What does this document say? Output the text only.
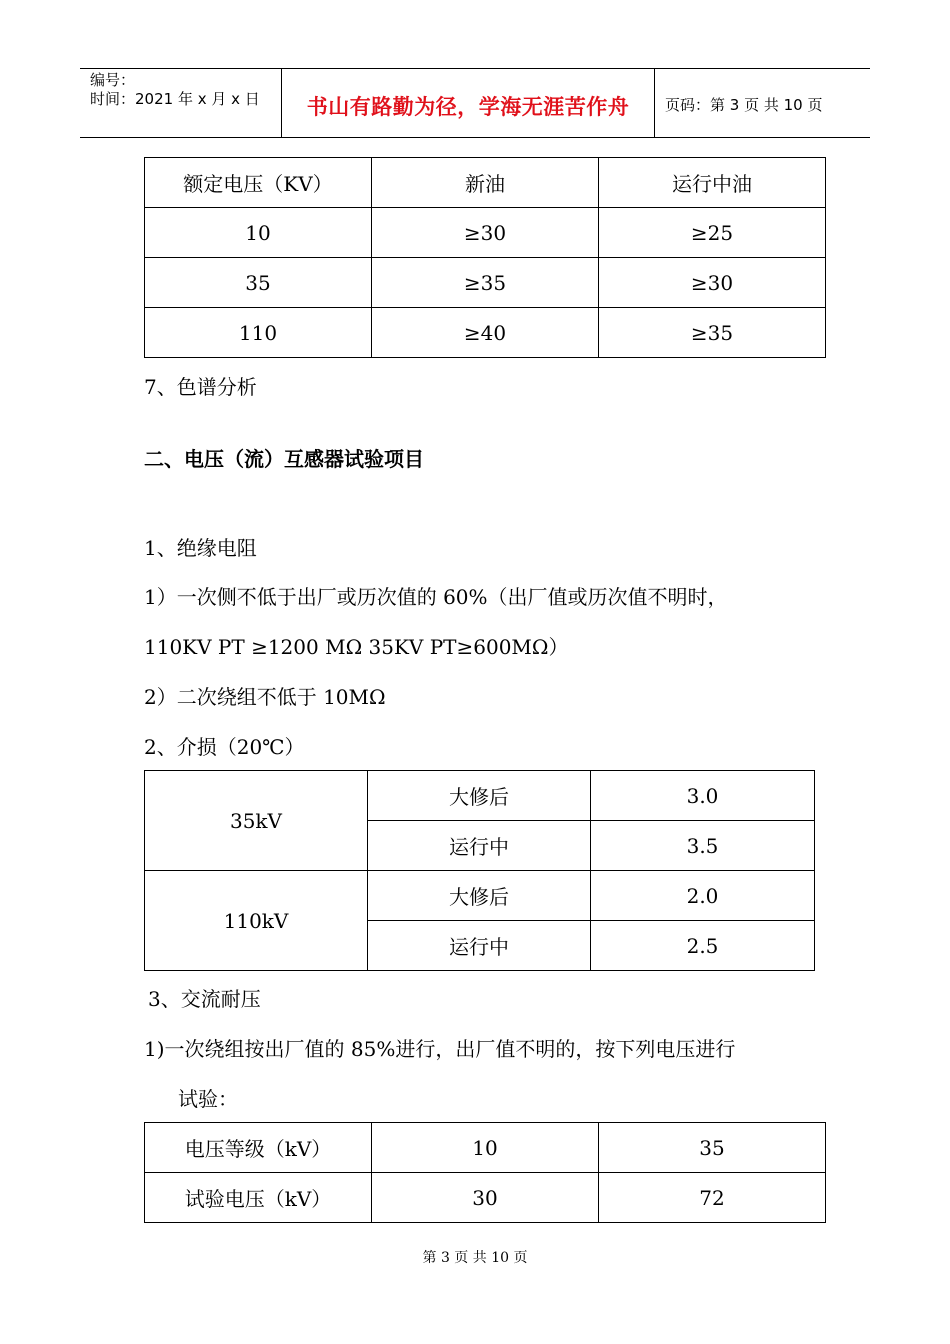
编号：
时间：2021 年 x 月 x 日	书山有路勤为径，学海无涯苦作舟	页码：第 3 页 共 10 页
额定电压（KV）	新油	运行中油
10	≥30	≥25
35	≥35	≥30
110	≥40	≥35
7、色谱分析
二、电压（流）互感器试验项目
1、绝缘电阻
1）一次侧不低于出厂或历次值的 60%（出厂值或历次值不明时，
110KV PT ≥1200 MΩ 35KV PT≥600MΩ）
2）二次绕组不低于 10MΩ
2、介损（20℃）
35kV	大修后	3.0
	运行中	3.5
110kV	大修后	2.0
	运行中	2.5
3、交流耐压
1)一次绕组按出厂值的 85%进行，出厂值不明的，按下列电压进行
试验：
电压等级（kV）	10	35
试验电压（kV）	30	72
第 3 页 共 10 页
